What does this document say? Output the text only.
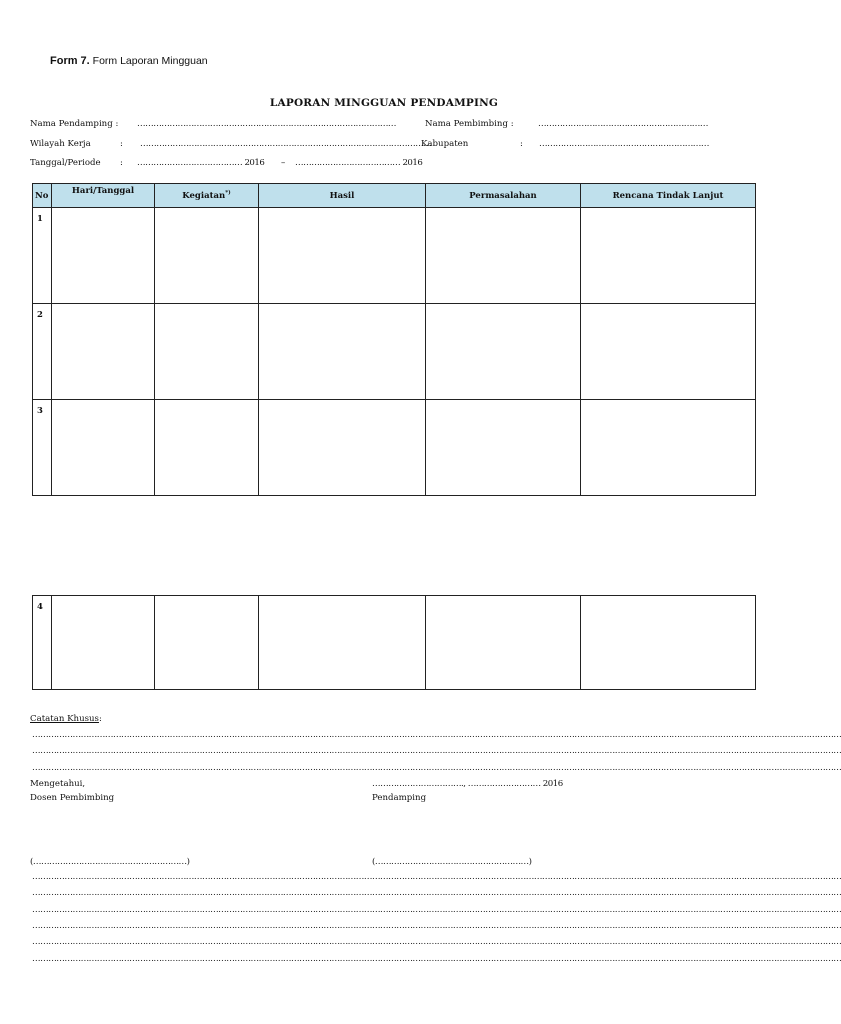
Form 7. Form Laporan Mingguan
LAPORAN MINGGUAN PENDAMPING
Nama Pendamping : ……………………………………………………………………………………	Nama Pembimbing :	………………………………………………………
Wilayah Kerja	: ………………………………………………………………………………………………
Kabupaten	: ………………………………………………………
Tanggal/Periode : ………………………………… 2016	– ………………………………… 2016
No	Hari/Tanggal	Kegiatan*)	Hasil	Permasalahan	Rencana Tindak Lanjut
1					
2					
3					
4					
Catatan Khusus:
…………………………………………………………………………………………………………………………………………………………………………………………………………………………………………………………………………
…………………………………………………………………………………………………………………………………………………………………………………………………………………………………………………………………………
…………………………………………………………………………………………………………………………………………………………………………………………………………………………………………………………………………
Mengetahui,
Dosen Pembimbing
……………………………., ……………………… 2016
Pendamping
(…………………………………………………)	(…………………………………………………)
…………………………………………………………………………………………………………………………………………………………………………………………………………………………………………………………………………
…………………………………………………………………………………………………………………………………………………………………………………………………………………………………………………………………………
…………………………………………………………………………………………………………………………………………………………………………………………………………………………………………………………………………
…………………………………………………………………………………………………………………………………………………………………………………………………………………………………………………………………………
…………………………………………………………………………………………………………………………………………………………………………………………………………………………………………………………………………
…………………………………………………………………………………………………………………………………………………………………………………………………………………………………………………………………………
